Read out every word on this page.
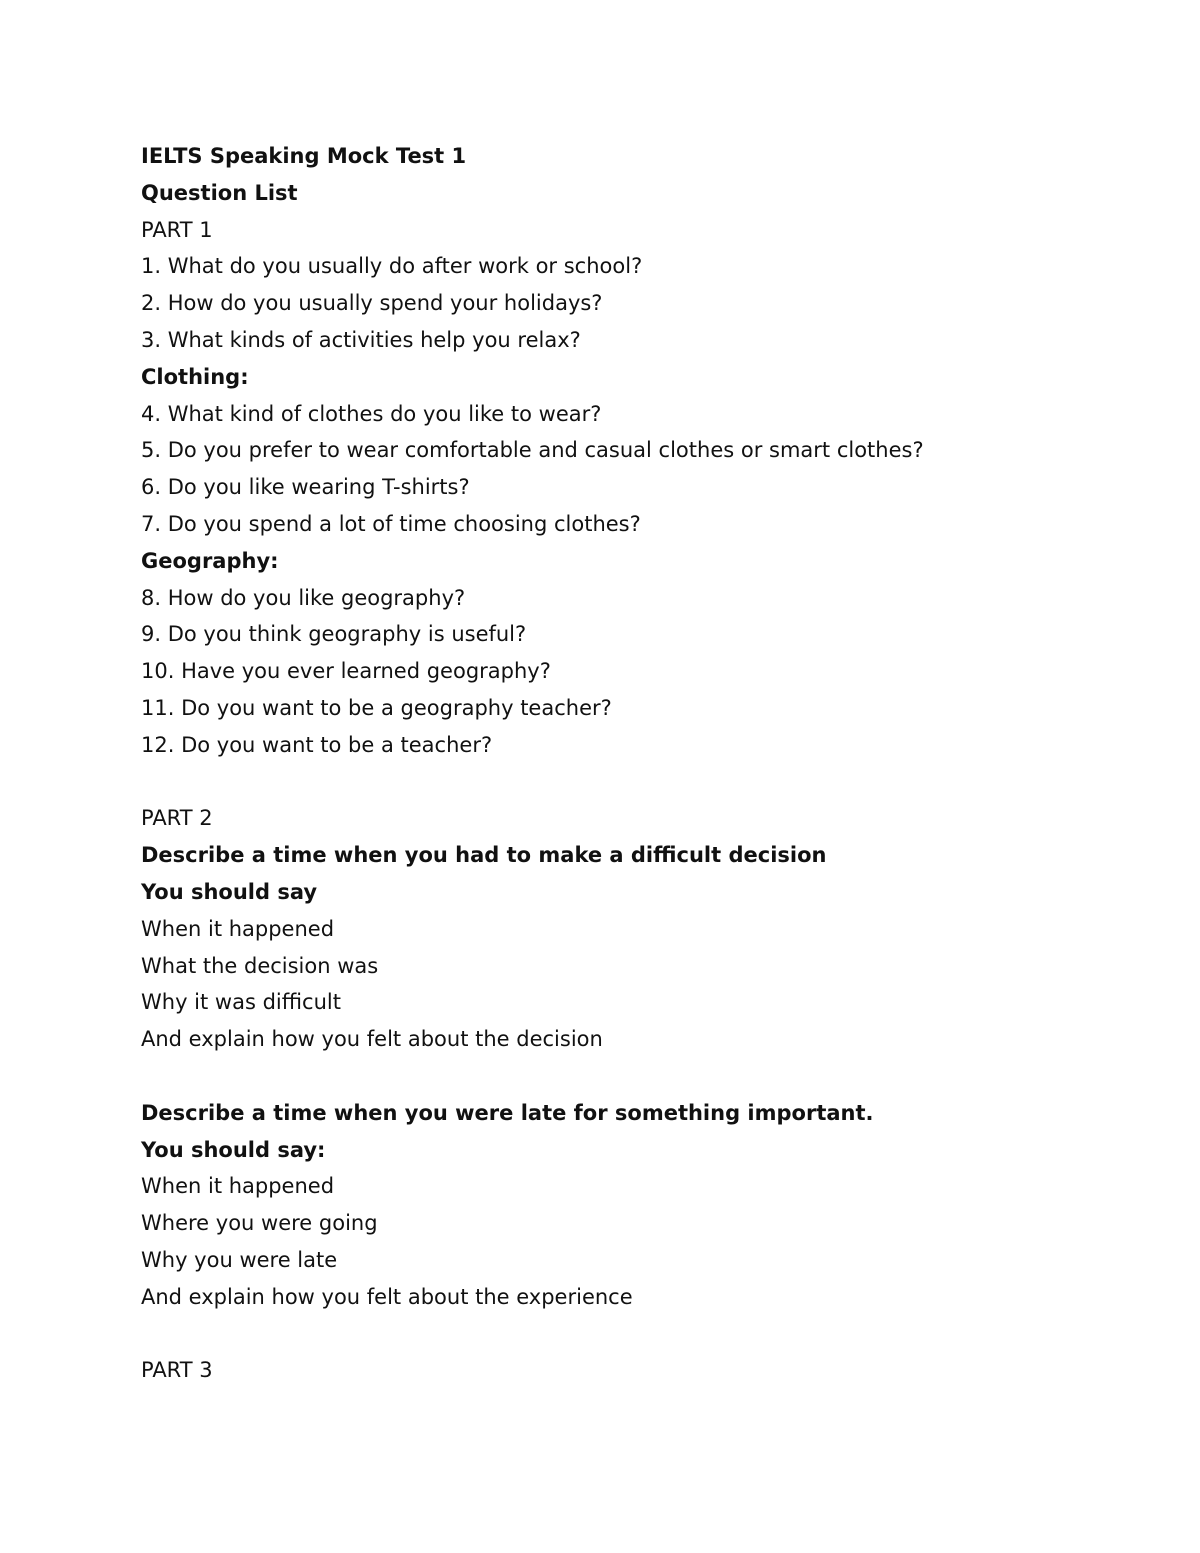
IELTS Speaking Mock Test 1
Question List
PART 1
1. What do you usually do after work or school?
2. How do you usually spend your holidays?
3. What kinds of activities help you relax?
Clothing:
4. What kind of clothes do you like to wear?
5. Do you prefer to wear comfortable and casual clothes or smart clothes?
6. Do you like wearing T-shirts?
7. Do you spend a lot of time choosing clothes?
Geography:
8. How do you like geography?
9. Do you think geography is useful?
10. Have you ever learned geography?
11. Do you want to be a geography teacher?
12. Do you want to be a teacher?
PART 2
Describe a time when you had to make a difficult decision
You should say
When it happened
What the decision was
Why it was difficult
And explain how you felt about the decision
Describe a time when you were late for something important.
You should say:
When it happened
Where you were going
Why you were late
And explain how you felt about the experience
PART 3
